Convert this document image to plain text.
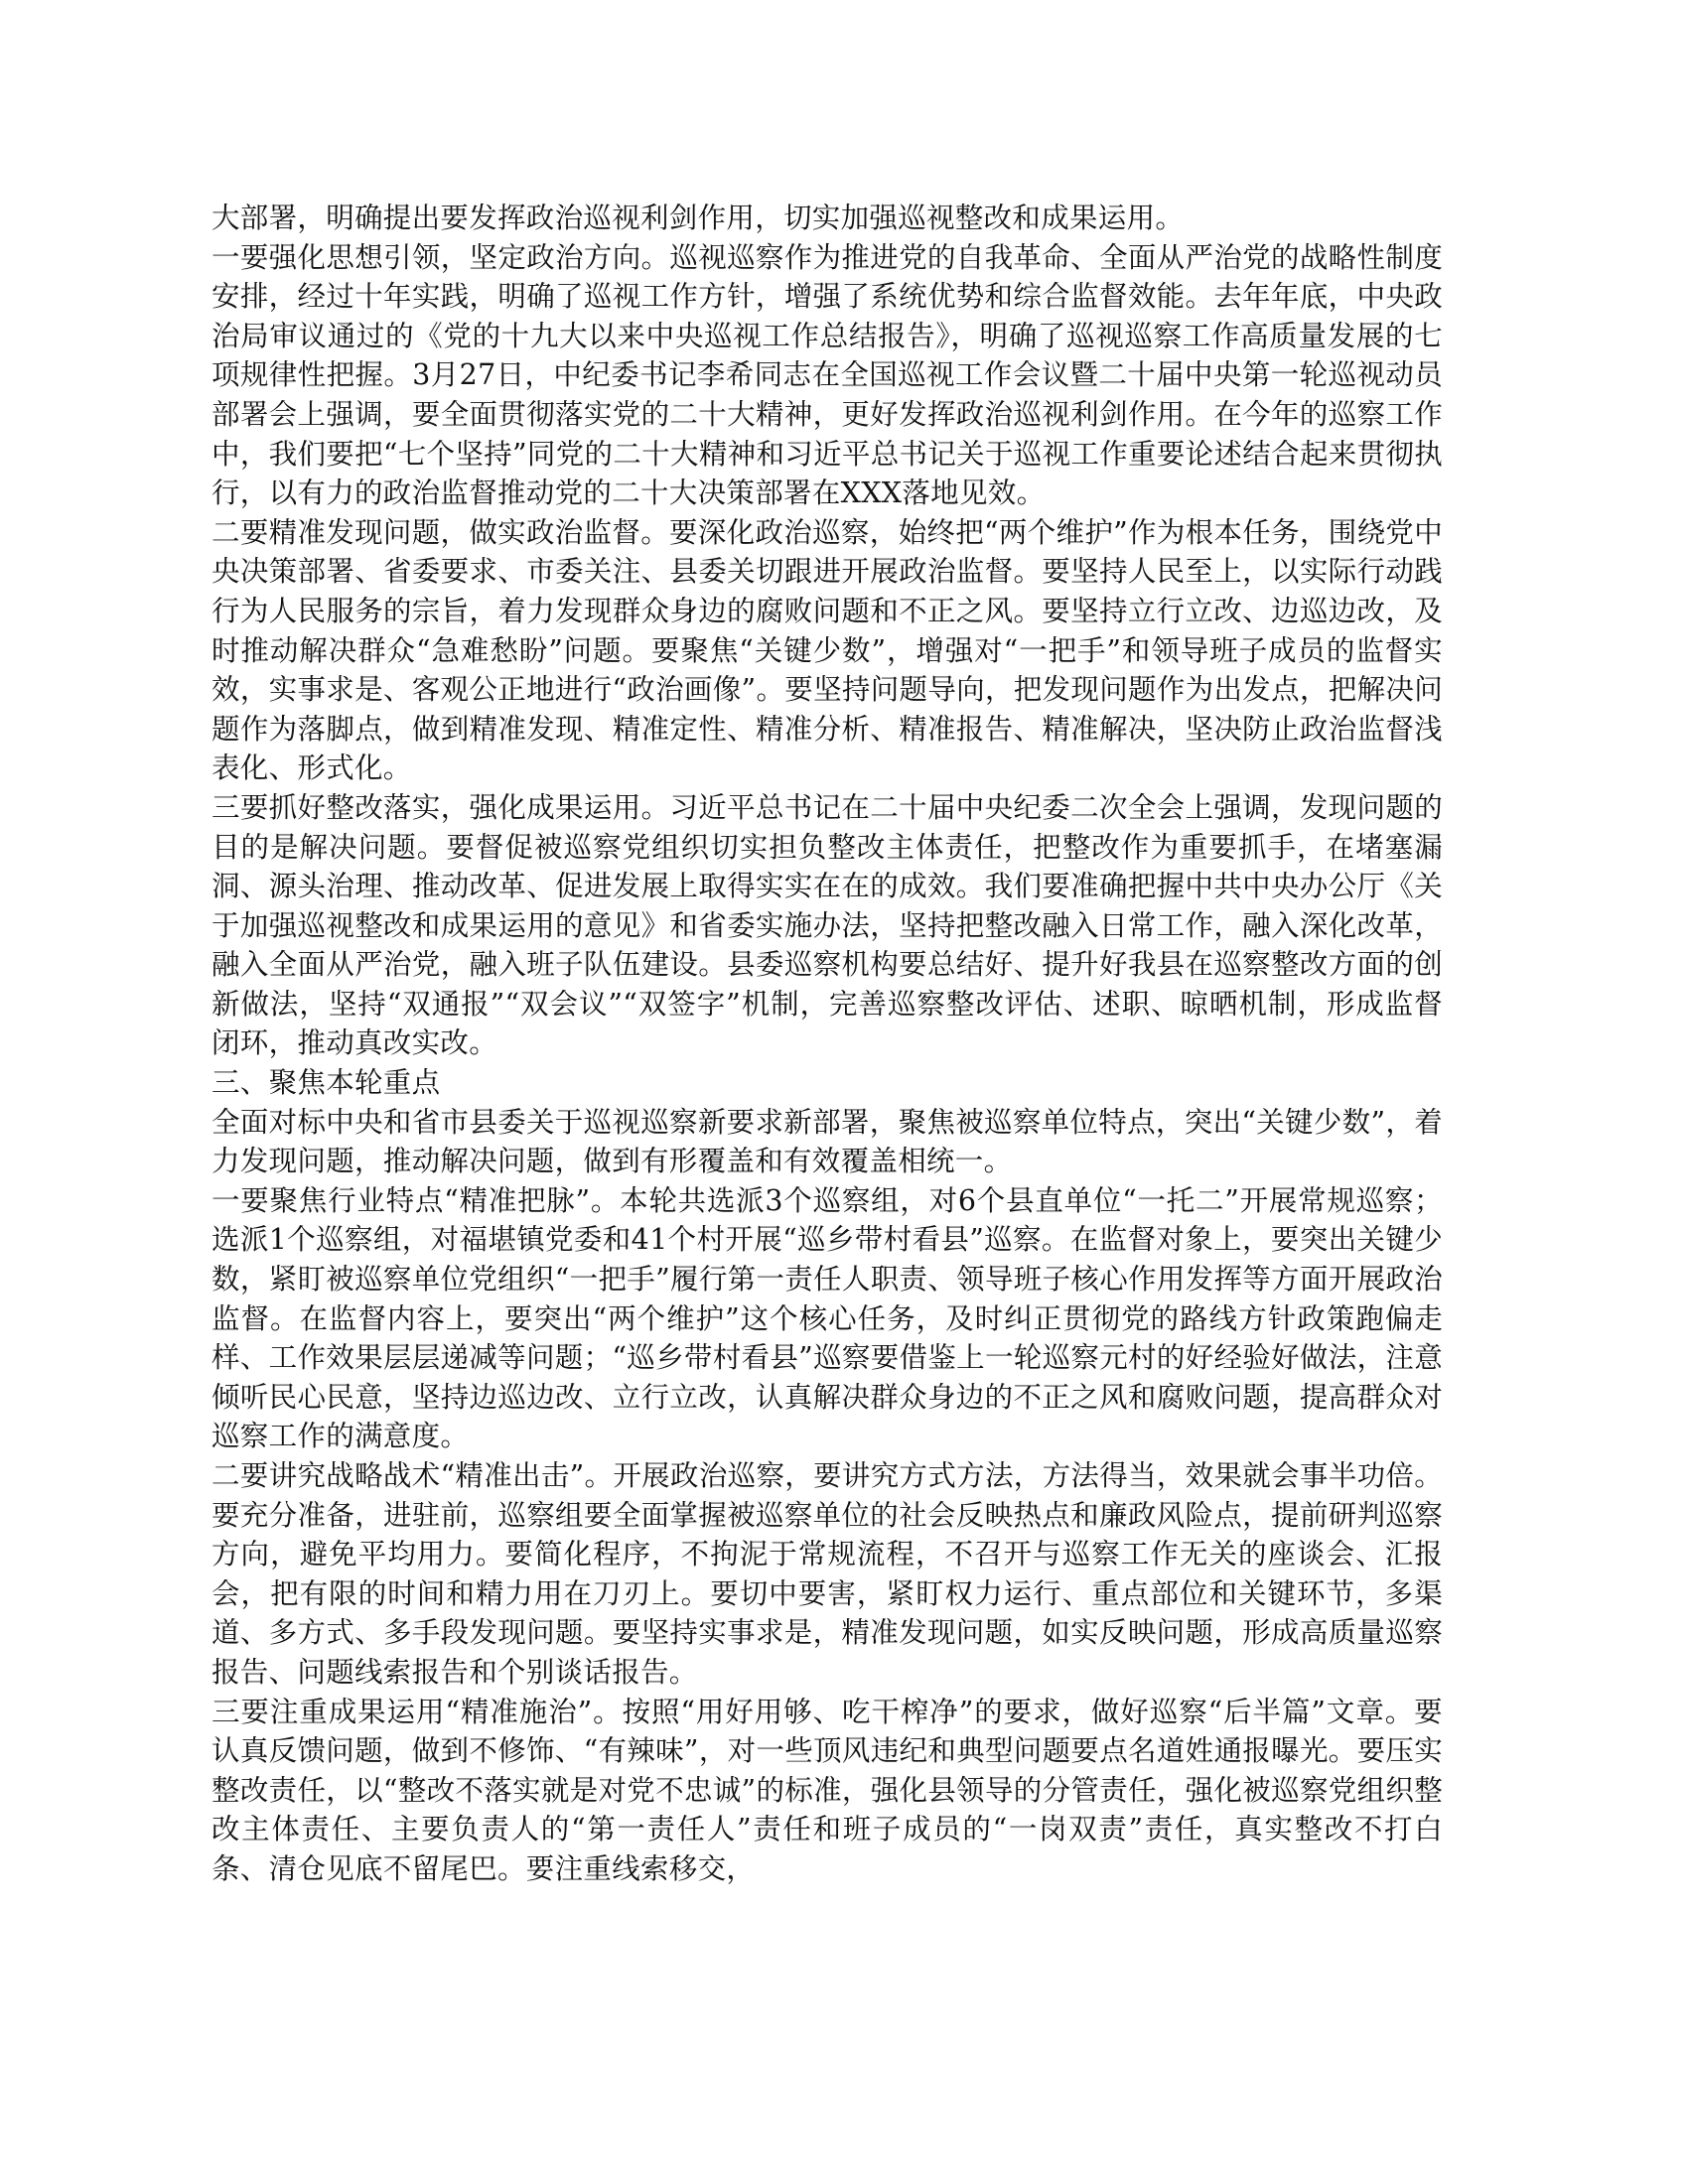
大部署，明确提出要发挥政治巡视利剑作用，切实加强巡视整改和成果运用。

一要强化思想引领，坚定政治方向。巡视巡察作为推进党的自我革命、全面从严治党的战略性制度安排，经过十年实践，明确了巡视工作方针，增强了系统优势和综合监督效能。去年年底，中央政治局审议通过的《党的十九大以来中央巡视工作总结报告》，明确了巡视巡察工作高质量发展的七项规律性把握。3月27日，中纪委书记李希同志在全国巡视工作会议暨二十届中央第一轮巡视动员部署会上强调，要全面贯彻落实党的二十大精神，更好发挥政治巡视利剑作用。在今年的巡察工作中，我们要把“七个坚持”同党的二十大精神和习近平总书记关于巡视工作重要论述结合起来贯彻执行，以有力的政治监督推动党的二十大决策部署在XXX落地见效。

二要精准发现问题，做实政治监督。要深化政治巡察，始终把“两个维护”作为根本任务，围绕党中央决策部署、省委要求、市委关注、县委关切跟进开展政治监督。要坚持人民至上，以实际行动践行为人民服务的宗旨，着力发现群众身边的腐败问题和不正之风。要坚持立行立改、边巡边改，及时推动解决群众“急难愁盼”问题。要聚焦“关键少数”，增强对“一把手”和领导班子成员的监督实效，实事求是、客观公正地进行“政治画像”。要坚持问题导向，把发现问题作为出发点，把解决问题作为落脚点，做到精准发现、精准定性、精准分析、精准报告、精准解决，坚决防止政治监督浅表化、形式化。

三要抓好整改落实，强化成果运用。习近平总书记在二十届中央纪委二次全会上强调，发现问题的目的是解决问题。要督促被巡察党组织切实担负整改主体责任，把整改作为重要抓手，在堵塞漏洞、源头治理、推动改革、促进发展上取得实实在在的成效。我们要准确把握中共中央办公厅《关于加强巡视整改和成果运用的意见》和省委实施办法，坚持把整改融入日常工作，融入深化改革，融入全面从严治党，融入班子队伍建设。县委巡察机构要总结好、提升好我县在巡察整改方面的创新做法，坚持“双通报”“双会议”“双签字”机制，完善巡察整改评估、述职、晾晒机制，形成监督闭环，推动真改实改。

三、聚焦本轮重点

全面对标中央和省市县委关于巡视巡察新要求新部署，聚焦被巡察单位特点，突出“关键少数”，着力发现问题，推动解决问题，做到有形覆盖和有效覆盖相统一。

一要聚焦行业特点“精准把脉”。本轮共选派3个巡察组，对6个县直单位“一托二”开展常规巡察；选派1个巡察组，对福堪镇党委和41个村开展“巡乡带村看县”巡察。在监督对象上，要突出关键少数，紧盯被巡察单位党组织“一把手”履行第一责任人职责、领导班子核心作用发挥等方面开展政治监督。在监督内容上，要突出“两个维护”这个核心任务，及时纠正贯彻党的路线方针政策跑偏走样、工作效果层层递减等问题；“巡乡带村看县”巡察要借鉴上一轮巡察元村的好经验好做法，注意倾听民心民意，坚持边巡边改、立行立改，认真解决群众身边的不正之风和腐败问题，提高群众对巡察工作的满意度。

二要讲究战略战术“精准出击”。开展政治巡察，要讲究方式方法，方法得当，效果就会事半功倍。要充分准备，进驻前，巡察组要全面掌握被巡察单位的社会反映热点和廉政风险点，提前研判巡察方向，避免平均用力。要简化程序，不拘泥于常规流程，不召开与巡察工作无关的座谈会、汇报会，把有限的时间和精力用在刀刃上。要切中要害，紧盯权力运行、重点部位和关键环节，多渠道、多方式、多手段发现问题。要坚持实事求是，精准发现问题，如实反映问题，形成高质量巡察报告、问题线索报告和个别谈话报告。

三要注重成果运用“精准施治”。按照“用好用够、吃干榨净”的要求，做好巡察“后半篇”文章。要认真反馈问题，做到不修饰、“有辣味”，对一些顶风违纪和典型问题要点名道姓通报曝光。要压实整改责任，以“整改不落实就是对党不忠诚”的标准，强化县领导的分管责任，强化被巡察党组织整改主体责任、主要负责人的“第一责任人”责任和班子成员的“一岗双责”责任，真实整改不打白条、清仓见底不留尾巴。要注重线索移交，
